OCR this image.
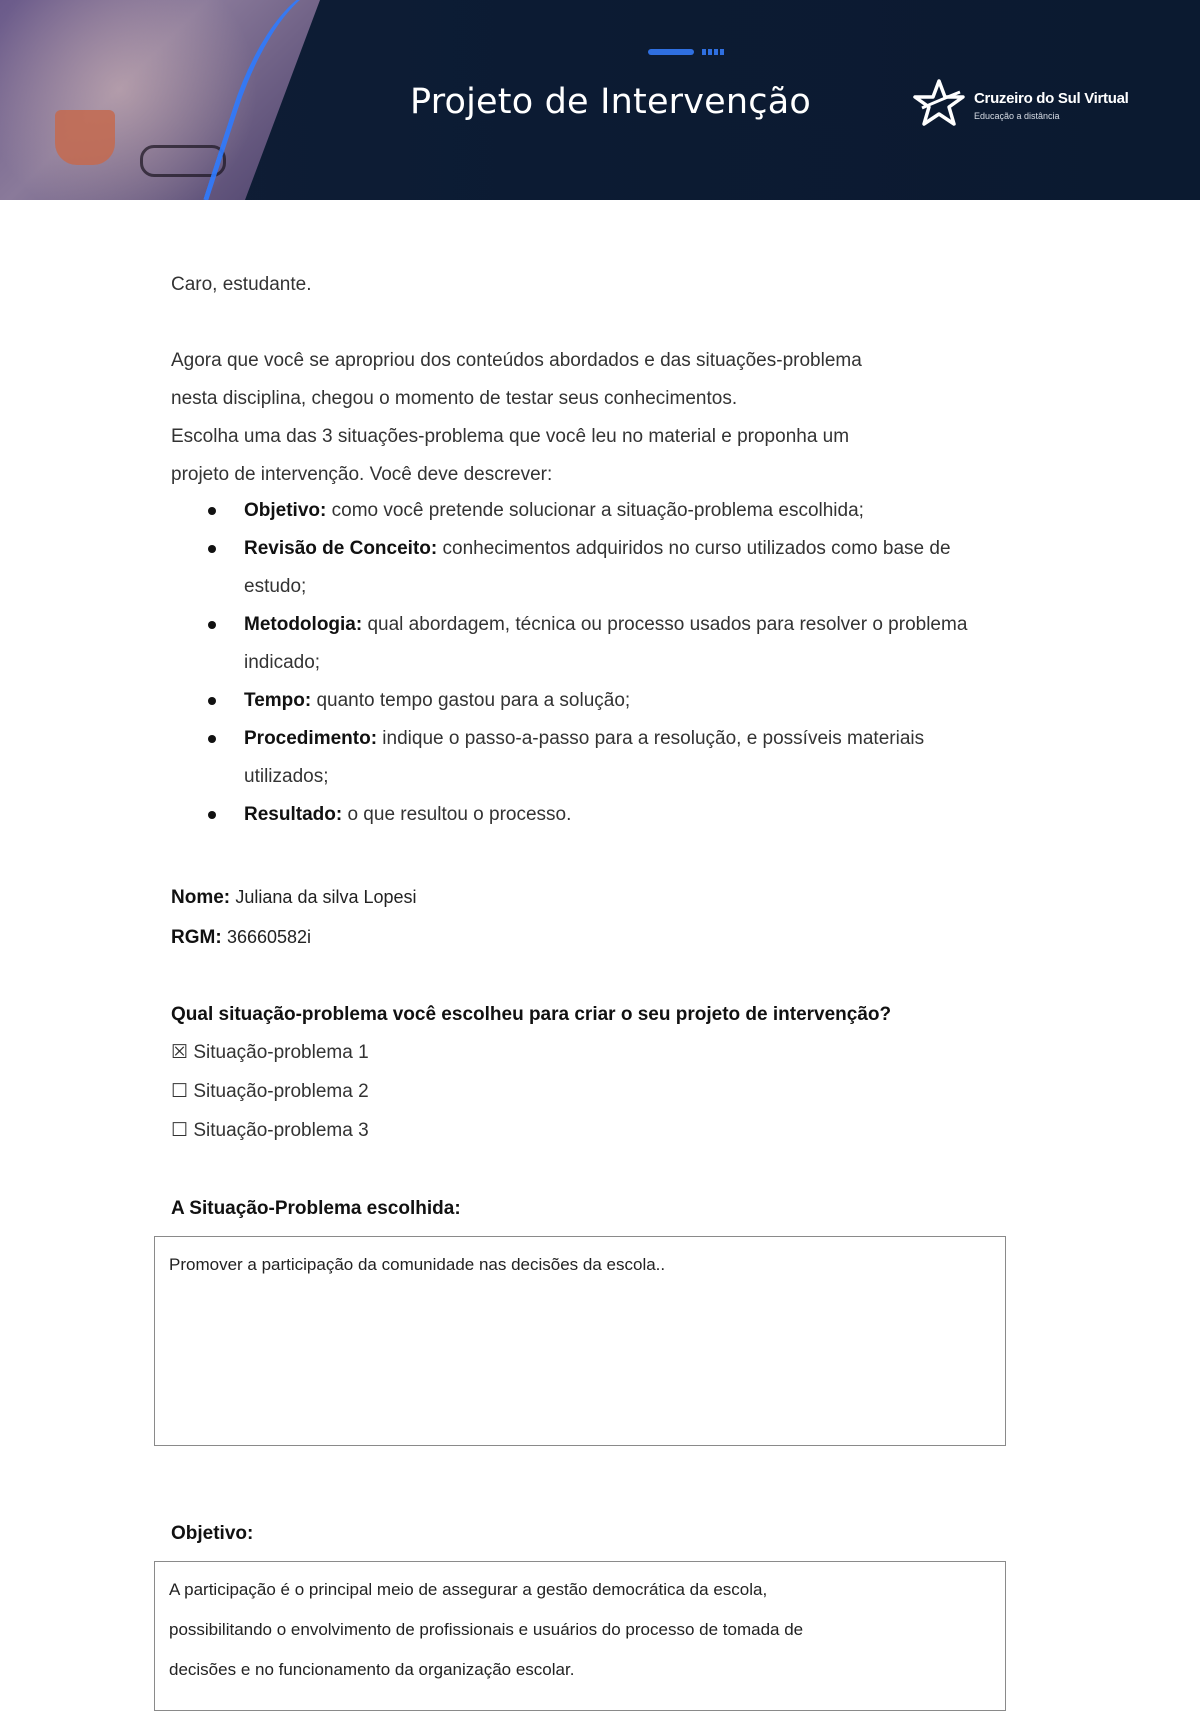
Projeto de Intervenção	Cruzeiro do Sul Virtual
Educação a distância
Caro, estudante.
Agora que você se apropriou dos conteúdos abordados e das situações-problema
nesta disciplina, chegou o momento de testar seus conhecimentos.
Escolha uma das 3 situações-problema que você leu no material e proponha um
projeto de intervenção. Você deve descrever:
Objetivo: como você pretende solucionar a situação-problema escolhida;
Revisão de Conceito: conhecimentos adquiridos no curso utilizados como base de estudo;
Metodologia: qual abordagem, técnica ou processo usados para resolver o problema indicado;
Tempo: quanto tempo gastou para a solução;
Procedimento: indique o passo-a-passo para a resolução, e possíveis materiais utilizados;
Resultado: o que resultou o processo.
Nome: Juliana da silva Lopesi
RGM: 36660582i
Qual situação-problema você escolheu para criar o seu projeto de intervenção?
☒ Situação-problema 1
☐ Situação-problema 2
☐ Situação-problema 3
A Situação-Problema escolhida:
Objetivo:
Promover a participação da comunidade nas decisões da escola..
A participação é o principal meio de assegurar a gestão democrática da escola,
possibilitando o envolvimento de profissionais e usuários do processo de tomada de
decisões e no funcionamento da organização escolar.
